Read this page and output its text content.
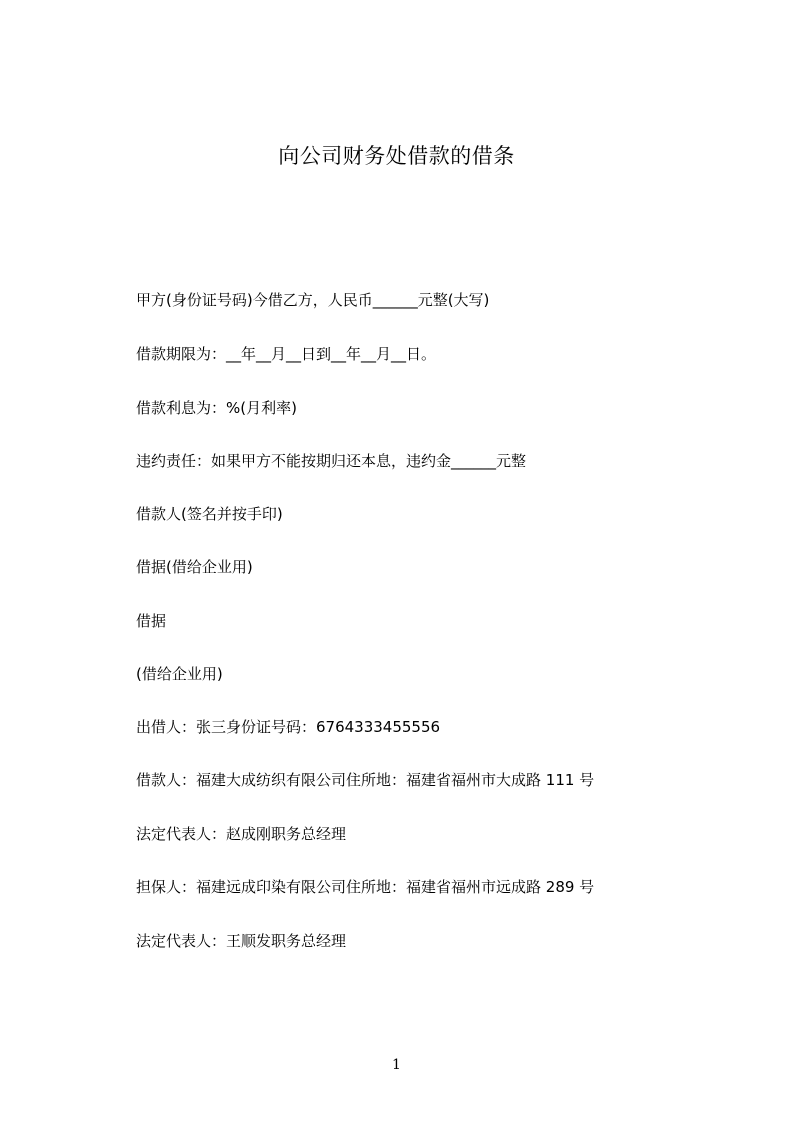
向公司财务处借款的借条
甲方(身份证号码)今借乙方，人民币______元整(大写)
借款期限为：__年__月__日到__年__月__日。
借款利息为：%(月利率)
违约责任：如果甲方不能按期归还本息，违约金______元整
借款人(签名并按手印)
借据(借给企业用)
借据
(借给企业用)
出借人：张三身份证号码：6764333455556
借款人：福建大成纺织有限公司住所地：福建省福州市大成路 111 号
法定代表人：赵成刚职务总经理
担保人：福建远成印染有限公司住所地：福建省福州市远成路 289 号
法定代表人：王顺发职务总经理
1
